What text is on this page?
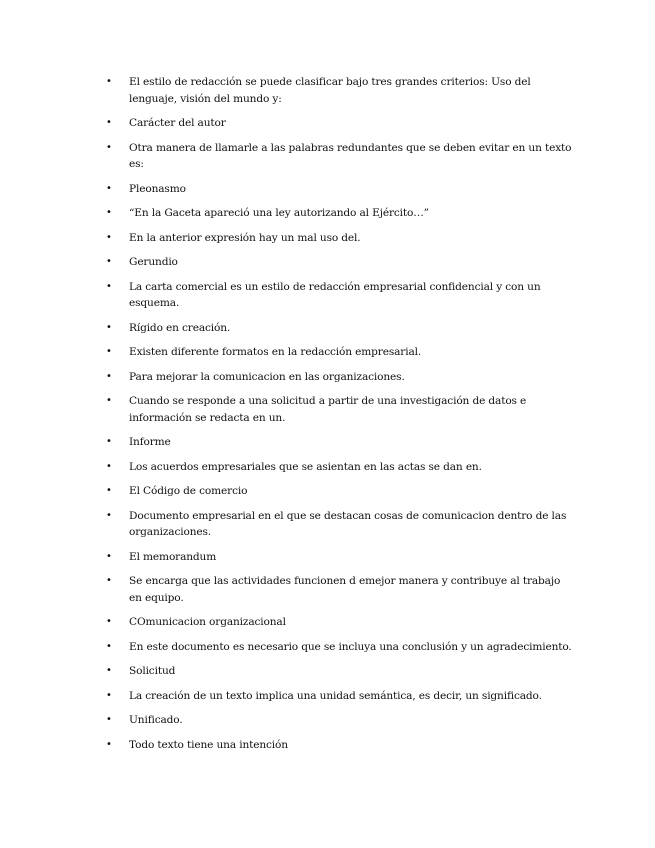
• El estilo de redacción se puede clasificar bajo tres grandes criterios: Uso del lenguaje, visión del mundo y:
• Carácter del autor
• Otra manera de llamarle a las palabras redundantes que se deben evitar en un texto es:
• Pleonasmo
• “En la Gaceta apareció una ley autorizando al Ejército…”
• En la anterior expresión hay un mal uso del.
• Gerundio
• La carta comercial es un estilo de redacción empresarial confidencial y con un esquema.
• Rígido en creación.
• Existen diferente formatos en la redacción empresarial.
• Para mejorar la comunicacion en las organizaciones.
• Cuando se responde a una solicitud a partir de una investigación de datos e información se redacta en un.
• Informe
• Los acuerdos empresariales que se asientan en las actas se dan en.
• El Código de comercio
• Documento empresarial en el que se destacan cosas de comunicacion dentro de las organizaciones.
• El memorandum
• Se encarga que las actividades funcionen d emejor manera y contribuye al trabajo en equipo.
• COmunicacion organizacional
• En este documento es necesario que se incluya una conclusión y un agradecimiento.
• Solicitud
• La creación de un texto implica una unidad semántica, es decir, un significado.
• Unificado.
• Todo texto tiene una intención
